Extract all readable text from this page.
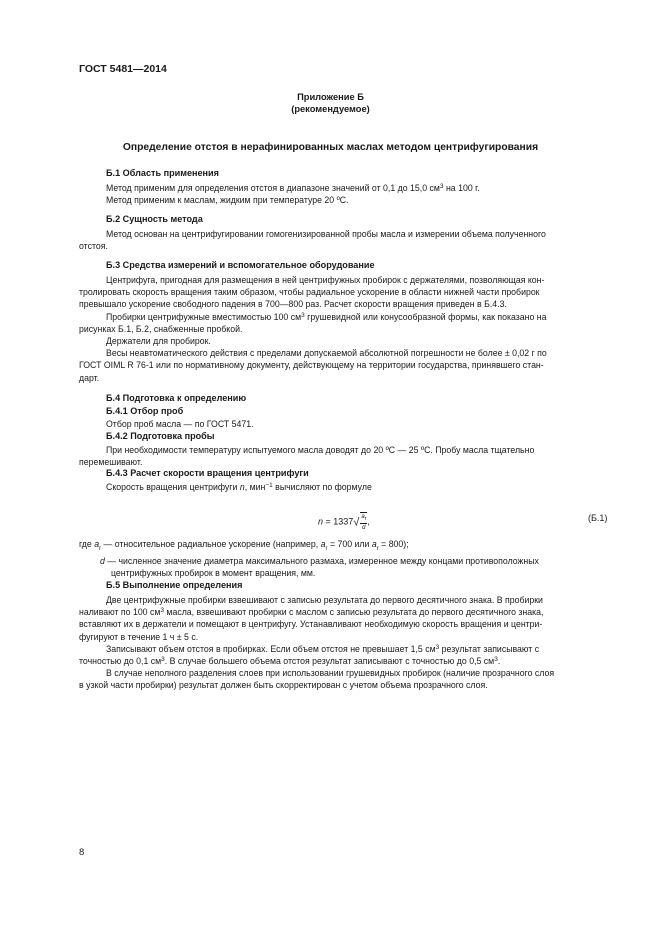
ГОСТ 5481—2014
Приложение Б
(рекомендуемое)
Определение отстоя в нерафинированных маслах методом центрифугирования
Б.1 Область применения
Метод применим для определения отстоя в диапазоне значений от 0,1 до 15,0 $см^3$ на 100 г.
Метод применим к маслам, жидким при температуре 20 ºС.
Б.2 Сущность метода
Метод основан на центрифугировании гомогенизированной пробы масла и измерении объема полученного
отстоя.
Б.3 Средства измерений и вспомогательное оборудование
Центрифуга, пригодная для размещения в ней центрифужных пробирок с держателями, позволяющая кон-
тролировать скорость вращения таким образом, чтобы радиальное ускорение в области нижней части пробирок
превышало ускорение свободного падения в 700—800 раз. Расчет скорости вращения приведен в Б.4.3.
Пробирки центрифужные вместимостью 100 $см^3$ грушевидной или конусообразной формы, как показано на
рисунках Б.1, Б.2, снабженные пробкой.
Держатели для пробирок.
Весы неавтоматического действия с пределами допускаемой абсолютной погрешности не более ± 0,02 г по
ГОСТ OIML R 76-1 или по нормативному документу, действующему на территории государства, принявшего стан-
дарт.
Б.4 Подготовка к определению
Б.4.1 Отбор проб
Отбор проб масла — по ГОСТ 5471.
Б.4.2 Подготовка пробы
При необходимости температуру испытуемого масла доводят до 20 ºС — 25 ºС. Пробу масла тщательно
перемешивают.
Б.4.3 Расчет скорости вращения центрифуги
Скорость вращения центрифуги n, мин$^{-1}$ вычисляют по формуле
$n = 1337√ \frac{a_r}{d}$,	(Б.1)
где $a_r$ — относительное радиальное ускорение (например, $a_r = 700$ или $a_r = 800$);
d — численное значение диаметра максимального размаха, измеренное между концами противоположных
центрифужных пробирок в момент вращения, мм.
Б.5 Выполнение определения
Две центрифужные пробирки взвешивают с записью результата до первого десятичного знака. В пробирки
наливают по 100 $см^3$ масла, взвешивают пробирки с маслом с записью результата до первого десятичного знака,
вставляют их в держатели и помещают в центрифугу. Устанавливают необходимую скорость вращения и центри-
фугируют в течение 1 ч ± 5 с.
Записывают объем отстоя в пробирках. Если объем отстоя не превышает 1,5 $см^3$ результат записывают с
точностью до 0,1 $см^3$. В случае большего объема отстоя результат записывают с точностью до 0,5 $см^3$.
В случае неполного разделения слоев при использовании грушевидных пробирок (наличие прозрачного слоя
в узкой части пробирки) результат должен быть скорректирован с учетом объема прозрачного слоя.
8
